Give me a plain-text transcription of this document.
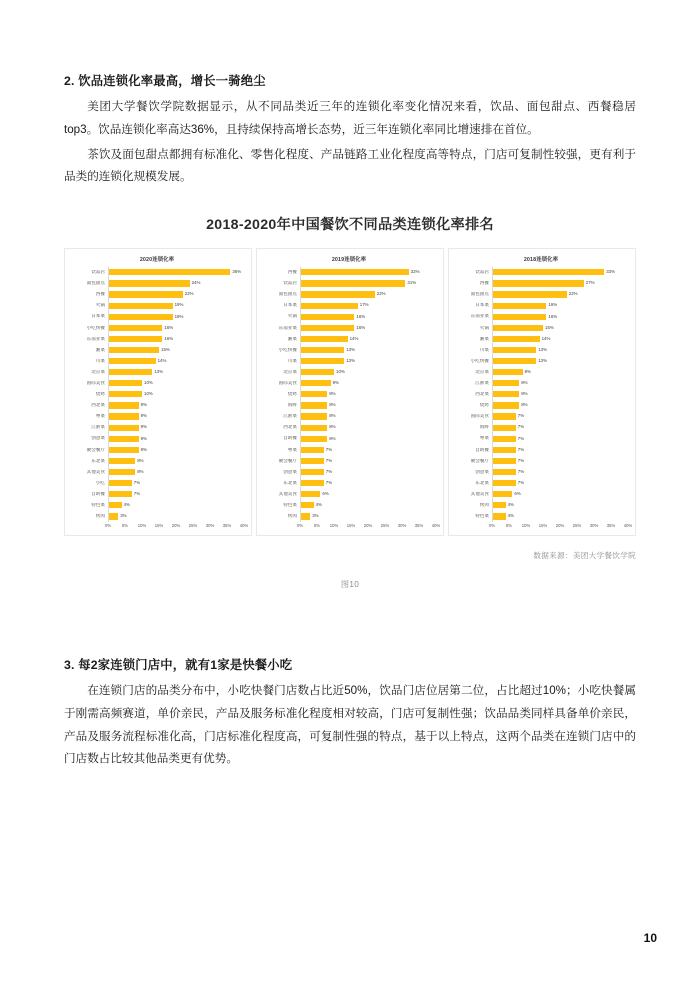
2. 饮品连锁化率最高，增长一骑绝尘

美团大学餐饮学院数据显示，从不同品类近三年的连锁化率变化情况来看，饮品、面包甜点、西餐稳居top3。饮品连锁化率高达36%，且持续保持高增长态势，近三年连锁化率同比增速排在首位。

茶饮及面包甜点都拥有标准化、零售化程度、产品链路工业化程度高等特点，门店可复制性较强，更有利于品类的连锁化规模发展。

2018-2020年中国餐饮不同品类连锁化率排名
2020连锁化率
饮品店	36%
面包甜点	24%
西餐	22%
火锅	19%
日本菜	19%
小吃快餐	16%
东南亚菜	16%
湘菜	15%
川菜	14%
北京菜	13%
国际美食	10%
烧烤	10%
西北菜	9%
粤菜	9%
江浙菜	9%
创意菜	9%
聚会餐厅	9%
东北菜	8%
其他美食	8%
小吃	7%
自助餐	7%
特色菜	4%
烤肉	3%
0%	5% 10% 15% 20% 25% 30% 35% 40%
2019连锁化率
西餐	32%
饮品店	31%
面包甜点	22%
日本菜	17%
火锅	16%
东南亚菜	16%
湘菜	14%
小吃快餐	13%
川菜	13%
北京菜	10%
国际美食	9%
烧烤	8%
海鲜	8%
江浙菜	8%
西北菜	8%
自助餐	8%
粤菜	7%
聚会餐厅	7%
创意菜	7%
东北菜	7%
其他美食	6%
特色菜	4%
烤肉	3%
0%	5% 10% 15% 20% 25% 30% 35% 40%
2018连锁化率
饮品店	33%
西餐	27%
面包甜点	22%
日本菜	16%
东南亚菜	16%
火锅	15%
湘菜	14%
川菜	13%
小吃快餐	13%
北京菜	9%
江浙菜	8%
西北菜	8%
烧烤	8%
国际美食	7%
海鲜	7%
粤菜	7%
自助餐	7%
聚会餐厅	7%
创意菜	7%
东北菜	7%
其他美食	6%
烤肉	4%
特色菜	4%
0%	5% 10% 15% 20% 25% 30% 35% 40%
数据来源：美团大学餐饮学院
图10
3. 每2家连锁门店中，就有1家是快餐小吃

在连锁门店的品类分布中，小吃快餐门店数占比近50%，饮品门店位居第二位，占比超过10%；小吃快餐属于刚需高频赛道，单价亲民，产品及服务标准化程度相对较高，门店可复制性强；饮品品类同样具备单价亲民，产品及服务流程标准化高，门店标准化程度高，可复制性强的特点，基于以上特点，这两个品类在连锁门店中的门店数占比较其他品类更有优势。

10
